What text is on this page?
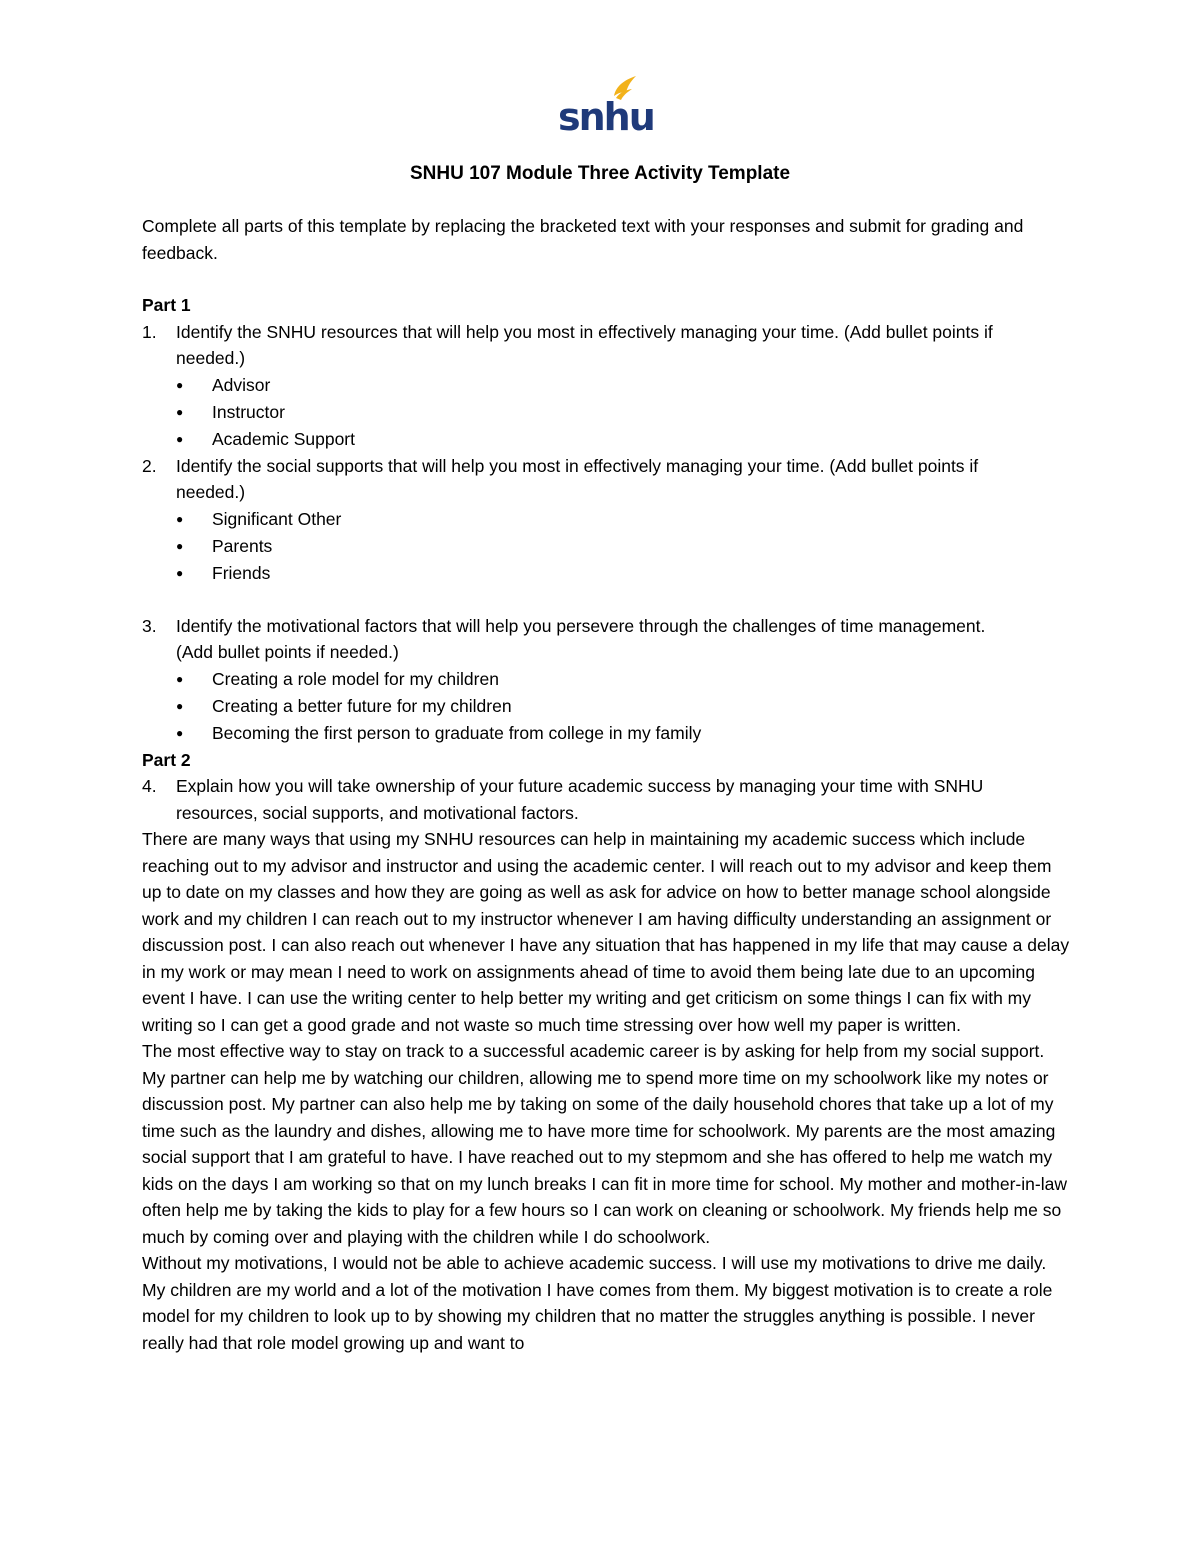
snhu
SNHU 107 Module Three Activity Template

Complete all parts of this template by replacing the bracketed text with your responses and submit for grading and feedback.

Part 1

1.	Identify the SNHU resources that will help you most in effectively managing your time. (Add bullet points if needed.)
●	Advisor
●	Instructor
●	Academic Support
2.	Identify the social supports that will help you most in effectively managing your time. (Add bullet points if needed.)
●	Significant Other
●	Parents
●	Friends
3.	Identify the motivational factors that will help you persevere through the challenges of time management. (Add bullet points if needed.)
●	Creating a role model for my children
●	Creating a better future for my children
●	Becoming the first person to graduate from college in my family

Part 2

4.	Explain how you will take ownership of your future academic success by managing your time with SNHU resources, social supports, and motivational factors.

There are many ways that using my SNHU resources can help in maintaining my academic success which include reaching out to my advisor and instructor and using the academic center. I will reach out to my advisor and keep them up to date on my classes and how they are going as well as ask for advice on how to better manage school alongside work and my children I can reach out to my instructor whenever I am having difficulty understanding an assignment or discussion post. I can also reach out whenever I have any situation that has happened in my life that may cause a delay in my work or may mean I need to work on assignments ahead of time to avoid them being late due to an upcoming event I have. I can use the writing center to help better my writing and get criticism on some things I can fix with my writing so I can get a good grade and not waste so much time stressing over how well my paper is written.

The most effective way to stay on track to a successful academic career is by asking for help from my social support. My partner can help me by watching our children, allowing me to spend more time on my schoolwork like my notes or discussion post. My partner can also help me by taking on some of the daily household chores that take up a lot of my time such as the laundry and dishes, allowing me to have more time for schoolwork. My parents are the most amazing social support that I am grateful to have. I have reached out to my stepmom and she has offered to help me watch my kids on the days I am working so that on my lunch breaks I can fit in more time for school. My mother and mother-in-law often help me by taking the kids to play for a few hours so I can work on cleaning or schoolwork. My friends help me so much by coming over and playing with the children while I do schoolwork.

Without my motivations, I would not be able to achieve academic success. I will use my motivations to drive me daily. My children are my world and a lot of the motivation I have comes from them. My biggest motivation is to create a role model for my children to look up to by showing my children that no matter the struggles anything is possible. I never really had that role model growing up and want to
